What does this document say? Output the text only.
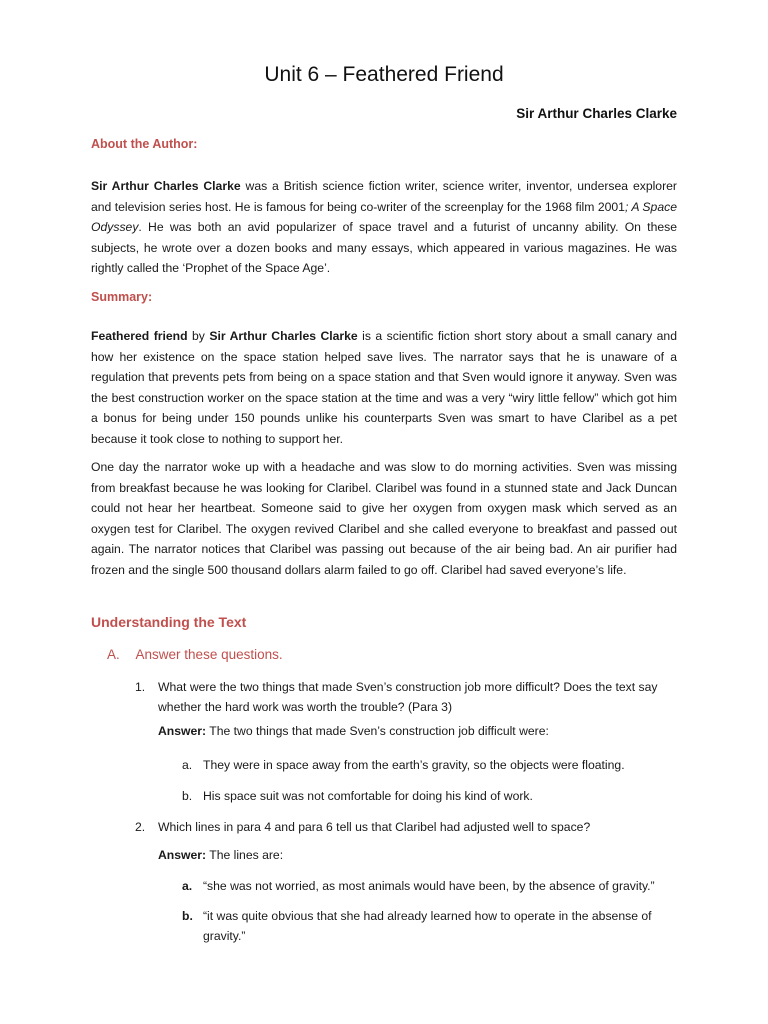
Unit 6 – Feathered Friend
Sir Arthur Charles Clarke
About the Author:

Sir Arthur Charles Clarke was a British science fiction writer, science writer, inventor, undersea explorer and television series host. He is famous for being co-writer of the screenplay for the 1968 film 2001; A Space Odyssey. He was both an avid popularizer of space travel and a futurist of uncanny ability. On these subjects, he wrote over a dozen books and many essays, which appeared in various magazines. He was rightly called the ‘Prophet of the Space Age’.

Summary:

Feathered friend by Sir Arthur Charles Clarke is a scientific fiction short story about a small canary and how her existence on the space station helped save lives. The narrator says that he is unaware of a regulation that prevents pets from being on a space station and that Sven would ignore it anyway. Sven was the best construction worker on the space station at the time and was a very “wiry little fellow” which got him a bonus for being under 150 pounds unlike his counterparts Sven was smart to have Claribel as a pet because it took close to nothing to support her.

One day the narrator woke up with a headache and was slow to do morning activities. Sven was missing from breakfast because he was looking for Claribel. Claribel was found in a stunned state and Jack Duncan could not hear her heartbeat. Someone said to give her oxygen from oxygen mask which served as an oxygen test for Claribel. The oxygen revived Claribel and she called everyone to breakfast and passed out again. The narrator notices that Claribel was passing out because of the air being bad. An air purifier had frozen and the single 500 thousand dollars alarm failed to go off. Claribel had saved everyone’s life.

Understanding the Text
A. Answer these questions.
1. What were the two things that made Sven’s construction job more difficult? Does the text say whether the hard work was worth the trouble? (Para 3)
Answer: The two things that made Sven’s construction job difficult were:
a. They were in space away from the earth’s gravity, so the objects were floating.
b. His space suit was not comfortable for doing his kind of work.
2. Which lines in para 4 and para 6 tell us that Claribel had adjusted well to space?
Answer: The lines are:
a. “she was not worried, as most animals would have been, by the absence of gravity.”
b. “it was quite obvious that she had already learned how to operate in the absense of gravity.”
